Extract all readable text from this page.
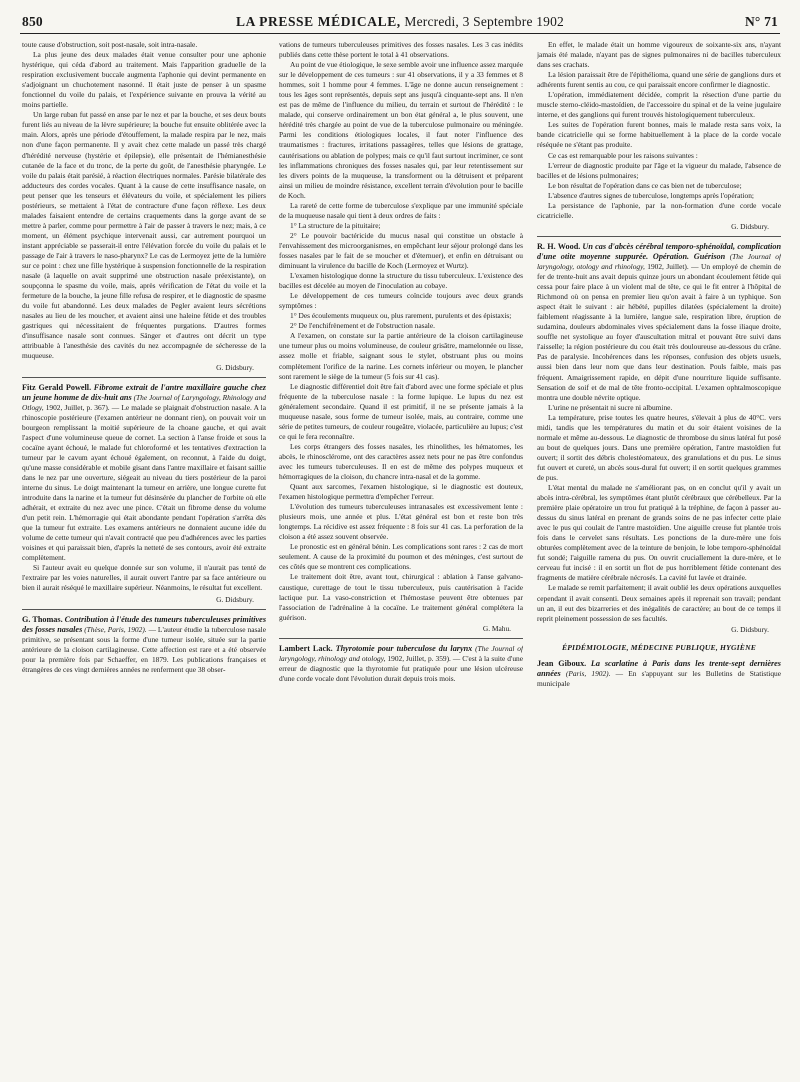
850	LA PRESSE MÉDICALE, Mercredi, 3 Septembre 1902	N° 71

toute cause d'obstruction, soit post-nasale, soit intra-nasale.

La plus jeune des deux malades était venue consulter pour une aphonie hystérique, qui céda d'abord au traitement. Mais l'apparition graduelle de la respiration exclusivement buccale augmenta l'aphonie qui devint permanente en s'adjoignant un chuchotement nasonné. Il était juste de penser à un spasme fonctionnel du voile du palais, et l'expérience suivante en prouva la vérité au moins partielle.

Un large ruban fut passé en anse par le nez et par la bouche, et ses deux bouts furent liés au niveau de la lèvre supérieure; la bouche fut ensuite oblitérée avec la main. Alors, après une période d'étouffement, la malade respira par le nez, mais non d'une façon permanente. Il y avait chez cette malade un passé très chargé d'hérédité nerveuse (hystérie et épilepsie), elle présentait de l'hémianesthésie cutanée de la face et du tronc, de la perte du goût, de l'anesthésie pharyngée. Le voile du palais était parésié, à réaction électriques normales. Parésie bilatérale des adducteurs des cordes vocales. Quant à la cause de cette insuffisance nasale, on peut penser que les tenseurs et élévateurs du voile, et spécialement les piliers postérieurs, se mettaient à l'état de contracture d'une façon réflexe. Les deux malades faisaient entendre de certains craquements dans la gorge avant de se mettre à parler, comme pour permettre à l'air de passer à travers le nez; mais, à ce moment, un élément psychique intervenait aussi, car autrement pourquoi un instant appréciable se passerait-il entre l'élévation forcée du voile du palais et le passage de l'air à travers le naso-pharynx? Le cas de Lermoyez jette de la lumière sur ce point : chez une fille hystérique à suspension fonctionnelle de la respiration nasale (à laquelle on avait supprimé une obstruction nasale préexistante), on soupçonna le spasme du voile, mais, après vérification de l'état du voile et la fermeture de la bouche, la jeune fille refusa de respirer, et le diagnostic de spasme du voile fut abandonné. Les deux malades de Pegler avaient leurs sécrétions nasales au lieu de les moucher, et avaient ainsi une haleine fétide et des troubles gastriques qui nécessitaient de fréquentes purgations. D'autres formes d'insuffisance nasale sont connues. Sänger et d'autres ont décrit un type attribuable à l'anesthésie des cavités du nez accompagnée de sécheresse de la muqueuse.

G. Didsbury.

Fitz Gerald Powell. Fibrome extrait de l'antre maxillaire gauche chez un jeune homme de dix-huit ans (The Journal of Laryngology, Rhinology and Otlogy, 1902, Juillet, p. 367). — Le malade se plaignait d'obstruction nasale. A la rhinoscopie postérieure (l'examen antérieur ne donnant rien), on pouvait voir un bourgeon remplissant la moitié supérieure de la choane gauche, et qui avait l'aspect d'une volumineuse queue de cornet. La section à l'anse froide et sous la cocaïne ayant échoué, le malade fut chloroformé et les tentatives d'extraction la tumeur par le cavum ayant échoué également, on reconnut, à l'aide du doigt, qu'une masse considérable et mobile gisant dans l'antre maxillaire et faisant saillie dans le nez par une ouverture, siégeait au niveau du tiers postérieur de la paroi interne du sinus. Le doigt maintenant la tumeur en arrière, une longue curette fut introduite dans la narine et la tumeur fut désinsérée du plancher de l'orbite où elle adhérait, et extraite du nez avec une pince. C'était un fibrome dense du volume d'un petit rein. L'hémorragie qui était abondante pendant l'opération s'arrêta dès que la tumeur fut extraite. Les examens antérieurs ne donnaient aucune idée du volume de cette tumeur qui n'avait contracté que peu d'adhérences avec les parties voisines et qui paraissait bien, d'après la netteté de ses contours, avoir été extraite complètement.

Si l'auteur avait eu quelque donnée sur son volume, il n'aurait pas tenté de l'extraire par les voies naturelles, il aurait ouvert l'antre par sa face antérieure ou bien il aurait réséqué le maxillaire supérieur. Néanmoins, le résultat fut excellent.

G. Didsbury.

G. Thomas. Contribution à l'étude des tumeurs tuberculeuses primitives des fosses nasales (Thèse, Paris, 1902). — L'auteur étudie la tuberculose nasale primitive, se présentant sous la forme d'une tumeur isolée, située sur la partie antérieure de la cloison cartilagineuse. Cette affection est rare et a été observée pour la première fois par Schaeffer, en 1879. Les publications françaises et étrangères de ces vingt dernières années ne renferment que 38 obser-

vations de tumeurs tuberculeuses primitives des fosses nasales. Les 3 cas inédits publiés dans cette thèse portent le total à 41 observations.

Au point de vue étiologique, le sexe semble avoir une influence assez marquée sur le développement de ces tumeurs : sur 41 observations, il y a 33 femmes et 8 hommes, soit 1 homme pour 4 femmes. L'âge ne donne aucun renseignement : tous les âges sont représentés, depuis sept ans jusqu'à cinquante-sept ans. Il n'en est pas de même de l'influence du milieu, du terrain et surtout de l'hérédité : le malade, qui conserve ordinairement un bon état général a, le plus souvent, une hérédité très chargée au point de vue de la tuberculose pulmonaire ou méningée. Parmi les conditions étiologiques locales, il faut noter l'influence des traumatismes : fractures, irritations passagères, telles que lésions de grattage, cautérisations ou ablation de polypes; mais ce qu'il faut surtout incriminer, ce sont les inflammations chroniques des fosses nasales qui, par leur retentissement sur les divers points de la muqueuse, la transforment ou la détruisent et préparent ainsi un milieu de moindre résistance, excellent terrain d'évolution pour le bacille de Koch.

La rareté de cette forme de tuberculose s'explique par une immunité spéciale de la muqueuse nasale qui tient à deux ordres de faits :

1° La structure de la pituitaire;

2° Le pouvoir bactéricide du mucus nasal qui constitue un obstacle à l'envahissement des microorganismes, en empêchant leur séjour prolongé dans les fosses nasales par le fait de se moucher et d'éternuer), et enfin en détruisant ou diminuant la virulence du bacille de Koch (Lermoyez et Wurtz).

L'examen histologique donne la structure du tissu tuberculeux. L'existence des bacilles est décelée au moyen de l'inoculation au cobaye.

Le développement de ces tumeurs coïncide toujours avec deux grands symptômes :

1° Des écoulements muqueux ou, plus rarement, purulents et des épistaxis;

2° De l'enchifrènement et de l'obstruction nasale.

A l'examen, on constate sur la partie antérieure de la cloison cartilagineuse une tumeur plus ou moins volumineuse, de couleur grisâtre, mamelonnée ou lisse, assez molle et friable, saignant sous le stylet, obstruant plus ou moins complètement l'orifice de la narine. Les cornets inférieur ou moyen, le plancher sont rarement le siège de la tumeur (5 fois sur 41 cas).

Le diagnostic différentiel doit être fait d'abord avec une forme spéciale et plus fréquente de la tuberculose nasale : la forme lupique. Le lupus du nez est généralement secondaire. Quand il est primitif, il ne se présente jamais à la muqueuse nasale, sous forme de tumeur isolée, mais, au contraire, comme une série de petites tumeurs, de couleur rougeâtre, violacée, particulière au lupus; c'est ce qui le fera reconnaître.

Les corps étrangers des fosses nasales, les rhinolithes, les hématomes, les abcès, le rhinosclérome, ont des caractères assez nets pour ne pas être confondus avec les tumeurs tuberculeuses. Il en est de même des polypes muqueux et hémorragiques de la cloison, du chancre intra-nasal et de la gomme.

Quant aux sarcomes, l'examen histologique, si le diagnostic est douteux, l'examen histologique permettra d'empêcher l'erreur.

L'évolution des tumeurs tuberculeuses intranasales est excessivement lente : plusieurs mois, une année et plus. L'état général est bon et reste bon très longtemps. La récidive est assez fréquente : 8 fois sur 41 cas. La perforation de la cloison a été assez souvent observée.

Le pronostic est en général bénin. Les complications sont rares : 2 cas de mort seulement. A cause de la proximité du poumon et des méninges, c'est surtout de ces côtés que se montrent ces complications.

Le traitement doit être, avant tout, chirurgical : ablation à l'anse galvano-caustique, curettage de tout le tissu tuberculeux, puis cautérisation à l'acide lactique pur. La vaso-constriction et l'hémostase peuvent être obtenues par l'association de l'adrénaline à la cocaïne. Le traitement général complétera la guérison.

G. Mahu.

Lambert Lack. Thyrotomie pour tuberculose du larynx (The Journal of laryngology, rhinology and otology, 1902, Juillet, p. 359). — C'est à la suite d'une erreur de diagnostic que la thyrotomie fut pratiquée pour une lésion ulcéreuse d'une corde vocale dont l'évolution durait depuis trois mois.

En effet, le malade était un homme vigoureux de soixante-six ans, n'ayant jamais été malade, n'ayant pas de signes pulmonaires ni de bacilles tuberculeux dans ses crachats.

La lésion paraissait être de l'épithélioma, quand une série de ganglions durs et adhérents furent sentis au cou, ce qui paraissait encore confirmer le diagnostic.

L'opération, immédiatement décidée, comprit la résection d'une partie du muscle sterno-cléido-mastoïdien, de l'accessoire du spinal et de la veine jugulaire interne, et des ganglions qui furent trouvés histologiquement tuberculeux.

Les suites de l'opération furent bonnes, mais le malade resta sans voix, la bande cicatricielle qui se forme habituellement à la place de la corde vocale réséquée ne s'étant pas produite.

Ce cas est remarquable pour les raisons suivantes :

L'erreur de diagnostic produite par l'âge et la vigueur du malade, l'absence de bacilles et de lésions pulmonaires;

Le bon résultat de l'opération dans ce cas bien net de tuberculose;

L'absence d'autres signes de tuberculose, longtemps après l'opération;

La persistance de l'aphonie, par la non-formation d'une corde vocale cicatricielle.

G. Didsbury.

R. H. Wood. Un cas d'abcès cérébral temporo-sphénoïdal, complication d'une otite moyenne suppurée. Opération. Guérison (The Journal of laryngology, otology and rhinology, 1902, Juillet). — Un employé de chemin de fer de trente-huit ans avait depuis quinze jours un abondant écoulement fétide qui cessa pour faire place à un violent mal de tête, ce qui le fit entrer à l'hôpital de Richmond où on pensa en premier lieu qu'on avait à faire à un typhique. Son aspect était le suivant : air hébété, pupilles dilatées (spécialement la droite) faiblement réagissante à la lumière, langue sale, respiration libre, éruption de sudamina, douleurs abdominales vives spécialement dans la fosse iliaque droite, souffle net systolique au foyer d'auscultation mitral et pouvant être suivi dans l'aisselle; la région postérieure du cou était très douloureuse au-dessous du crâne. Pas de paralysie. Incohérences dans les réponses, confusion des objets usuels, aussi bien dans leur nom que dans leur destination. Pouls faible, mais pas fréquent. Amaigrissement rapide, en dépit d'une nourriture liquide suffisante. Sensation de soif et de mal de tête fronto-occipital. L'examen ophtalmoscopique montra une double névrite optique.

L'urine ne présentait ni sucre ni albumine.

La température, prise toutes les quatre heures, s'élevait à plus de 40°C. vers midi, tandis que les températures du matin et du soir étaient voisines de la normale et même au-dessous. Le diagnostic de thrombose du sinus latéral fut posé au bout de quelques jours. Dans une première opération, l'antre mastoïdien fut ouvert; il sortit des débris cholestéomateux, des granulations et du pus. Le sinus fut ouvert et cureté, un abcès sous-dural fut ouvert; il en sortit quelques grammes de pus.

L'état mental du malade ne s'améliorant pas, on en conclut qu'il y avait un abcès intra-cérébral, les symptômes étant plutôt cérébraux que cérébelleux. Par la première plaie opératoire un trou fut pratiqué à la tréphine, de façon à passer au-dessus du sinus latéral en prenant de grands soins de ne pas infecter cette plaie avec le pus qui coulait de l'antre mastoïdien. Une aiguille creuse fut plantée trois fois dans le cervelet sans résultats. Les ponctions de la dure-mère une fois obturées complètement avec de la teinture de benjoin, le lobe temporo-sphénoïdal fut sondé; l'aiguille ramena du pus. On ouvrit cruciallement la dure-mère, et le cerveau fut incisé : il en sortit un flot de pus horriblement fétide contenant des fragments de matière cérébrale nécrosés. La cavité fut lavée et drainée.

Le malade se remit parfaitement; il avait oublié les deux opérations auxquelles cependant il avait consenti. Deux semaines après il reprenait son travail; pendant un an, il eut des bizarreries et des inégalités de caractère; au bout de ce temps il reprit pleinement possession de ses facultés.

G. Didsbury.
ÉPIDÉMIOLOGIE, MÉDECINE PUBLIQUE, HYGIÈNE

Jean Giboux. La scarlatine à Paris dans les trente-sept dernières années (Paris, 1902). — En s'appuyant sur les Bulletins de Statistique municipale
